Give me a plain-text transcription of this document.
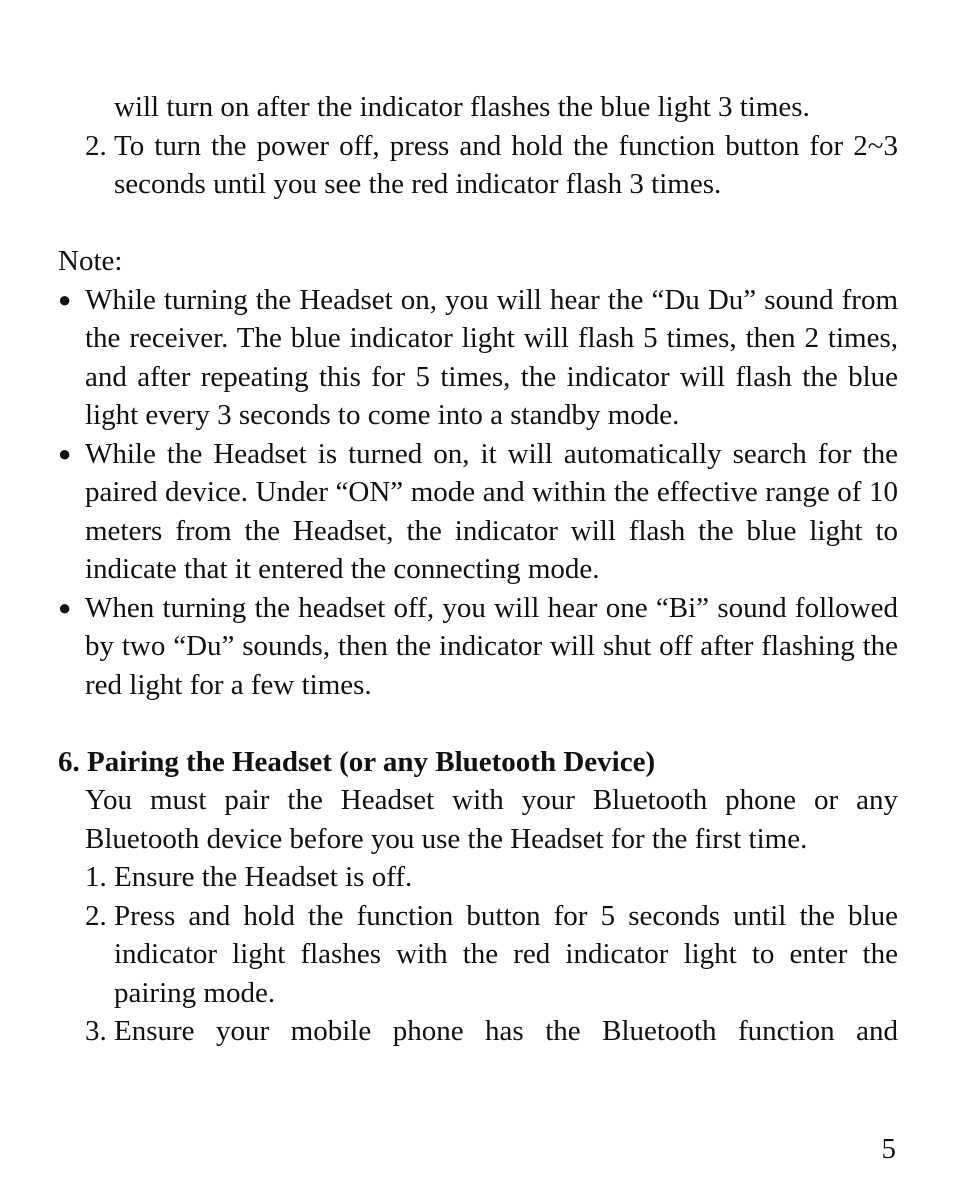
will turn on after the indicator flashes the blue light 3 times.
2. To turn the power off, press and hold the function button for 2~3 seconds until you see the red indicator flash 3 times.
Note:
● While turning the Headset on, you will hear the “Du Du” sound from the receiver. The blue indicator light will flash 5 times, then 2 times, and after repeating this for 5 times, the indicator will flash the blue light every 3 seconds to come into a standby mode.
● While the Headset is turned on, it will automatically search for the paired device. Under “ON” mode and within the effective range of 10 meters from the Headset, the indicator will flash the blue light to indicate that it entered the connecting mode.
● When turning the headset off, you will hear one “Bi” sound followed by two “Du” sounds, then the indicator will shut off after flashing the red light for a few times.
6. Pairing the Headset (or any Bluetooth Device)
You must pair the Headset with your Bluetooth phone or any Bluetooth device before you use the Headset for the first time.
1. Ensure the Headset is off.
2. Press and hold the function button for 5 seconds until the blue indicator light flashes with the red indicator light to enter the pairing mode.
3. Ensure your mobile phone has the Bluetooth function and
5
